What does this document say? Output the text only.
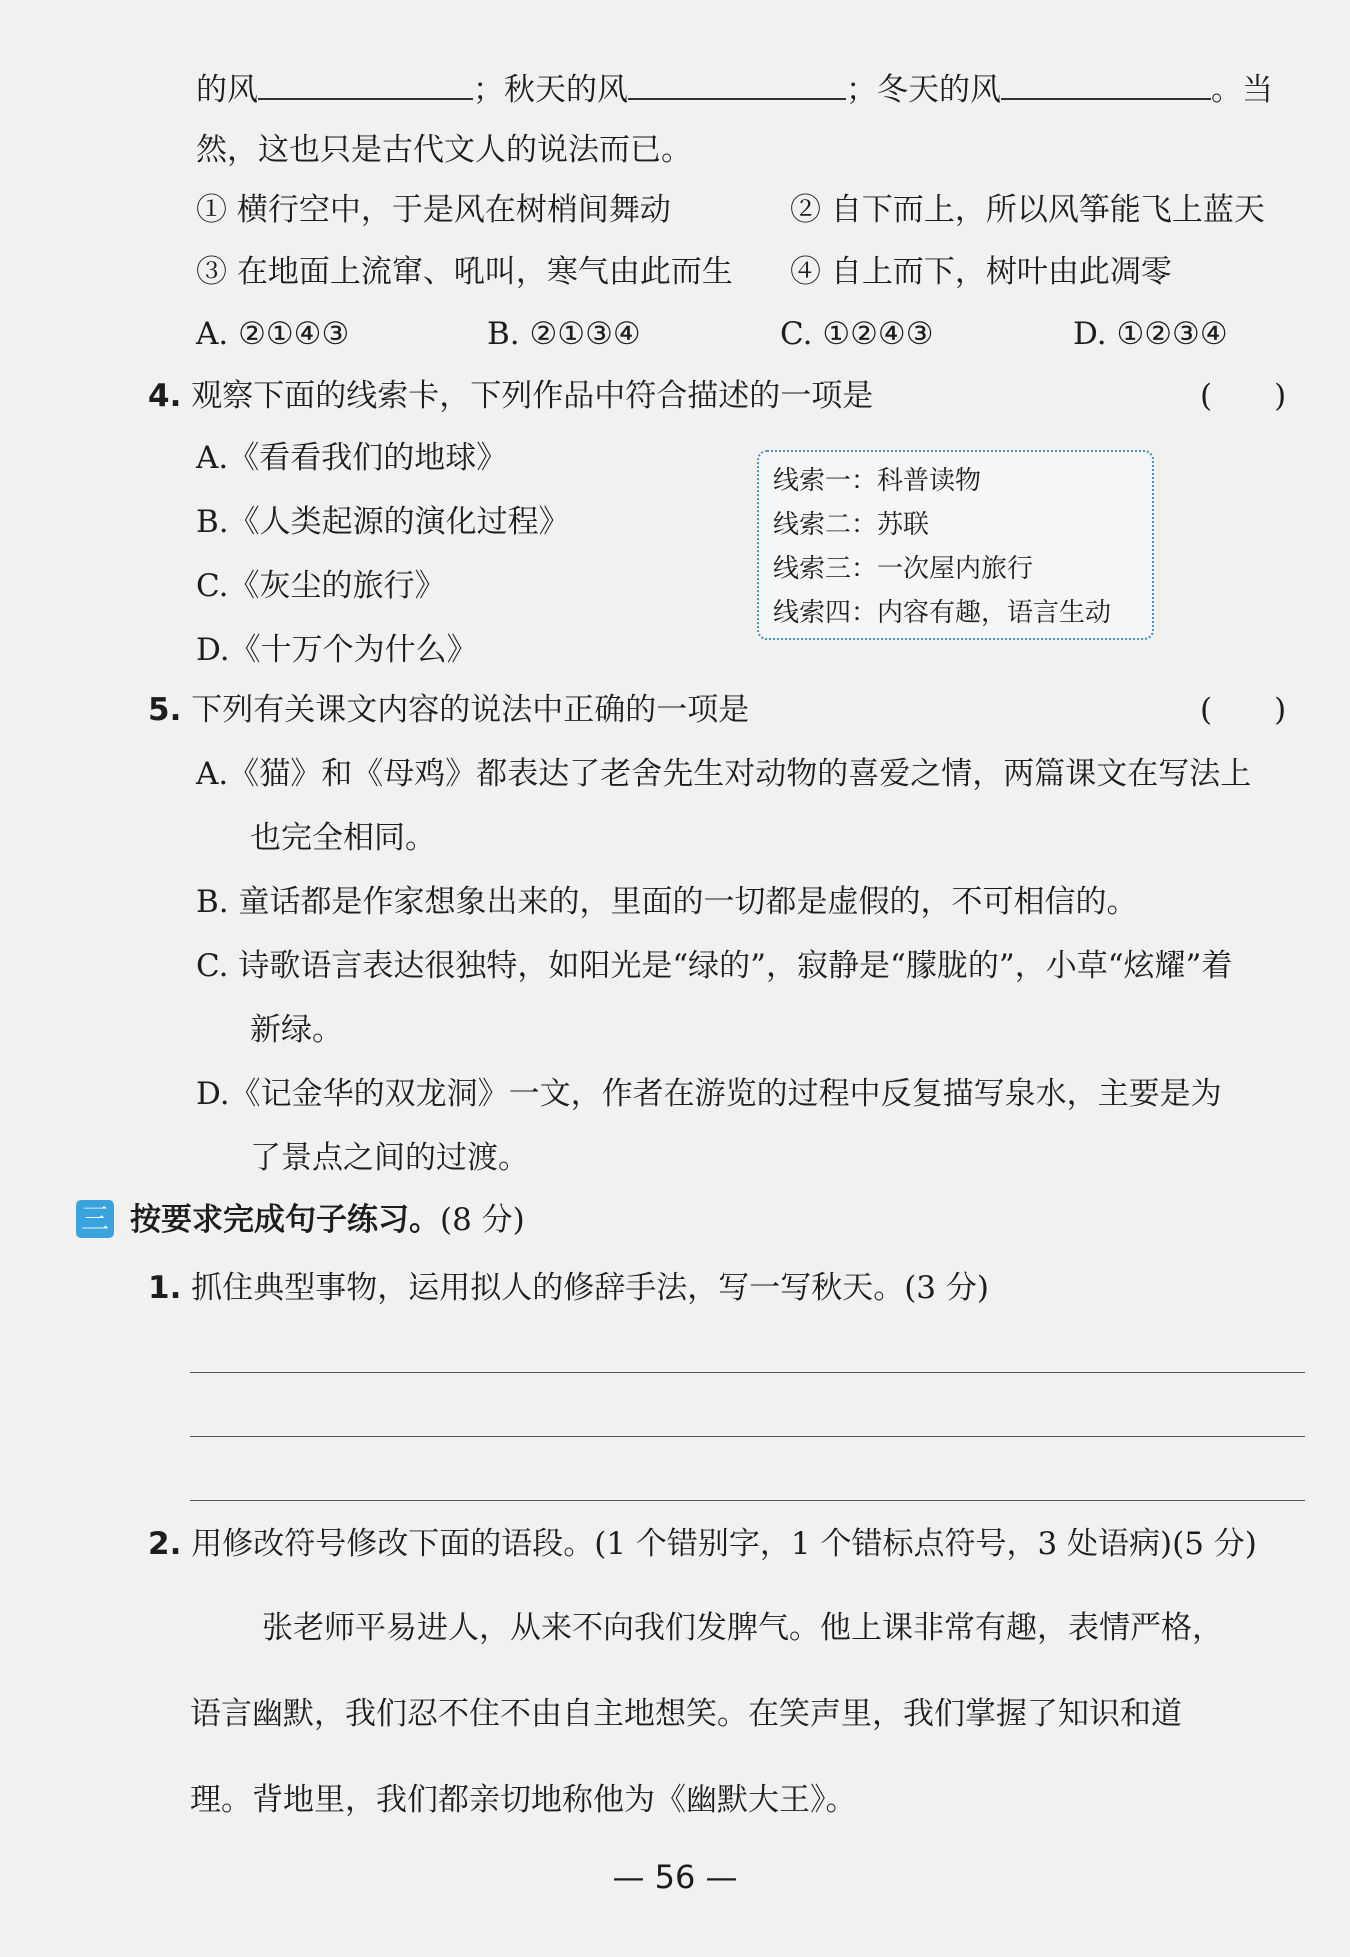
的风	；秋天的风	；冬天的风	。当
然，这也只是古代文人的说法而已。
① 横行空中，于是风在树梢间舞动	② 自下而上，所以风筝能飞上蓝天
③ 在地面上流窜、吼叫，寒气由此而生 ④ 自上而下，树叶由此凋零
A. ②①④③	B. ②①③④	C. ①②④③	D. ①②③④
4. 观察下面的线索卡，下列作品中符合描述的一项是	(　　)
A.《看看我们的地球》
B.《人类起源的演化过程》
C.《灰尘的旅行》
D.《十万个为什么》
线索一：科普读物
线索二：苏联
线索三：一次屋内旅行
线索四：内容有趣，语言生动
5. 下列有关课文内容的说法中正确的一项是	(　　)
A.《猫》和《母鸡》都表达了老舍先生对动物的喜爱之情，两篇课文在写法上
也完全相同。
B. 童话都是作家想象出来的，里面的一切都是虚假的，不可相信的。
C. 诗歌语言表达很独特，如阳光是“绿的”，寂静是“朦胧的”，小草“炫耀”着
新绿。
D.《记金华的双龙洞》一文，作者在游览的过程中反复描写泉水，主要是为
了景点之间的过渡。
三 按要求完成句子练习。(8 分)
1. 抓住典型事物，运用拟人的修辞手法，写一写秋天。(3 分)
2. 用修改符号修改下面的语段。(1 个错别字，1 个错标点符号，3 处语病)(5 分)
张老师平易进人，从来不向我们发脾气。他上课非常有趣，表情严格，
语言幽默，我们忍不住不由自主地想笑。在笑声里，我们掌握了知识和道
理。背地里，我们都亲切地称他为《幽默大王》。
— 56 —
